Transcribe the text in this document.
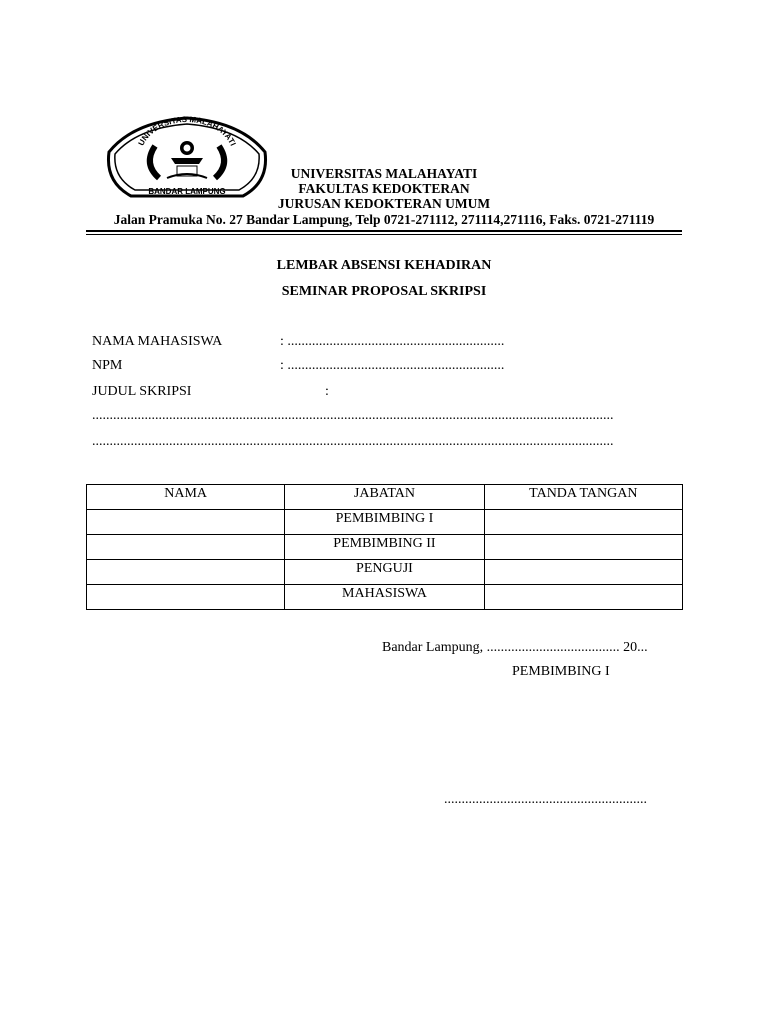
UNIVERSITAS MALAHAYATI
BANDAR LAMPUNG
UNIVERSITAS MALAHAYATI
FAKULTAS KEDOKTERAN
JURUSAN KEDOKTERAN UMUM
Jalan Pramuka No. 27 Bandar Lampung, Telp 0721-271112, 271114,271116, Faks. 0721-271119
LEMBAR ABSENSI KEHADIRAN
SEMINAR PROPOSAL SKRIPSI
NAMA MAHASISWA	: ..............................................................
NPM	: ..............................................................
JUDUL SKRIPSI	:
.....................................................................................................................................................
.....................................................................................................................................................
NAMA	JABATAN	TANDA TANGAN

	PEMBIMBING I	

	PEMBIMBING II	

	PENGUJI	

	MAHASISWA	

Bandar Lampung, ...................................... 20...
PEMBIMBING I
..........................................................
